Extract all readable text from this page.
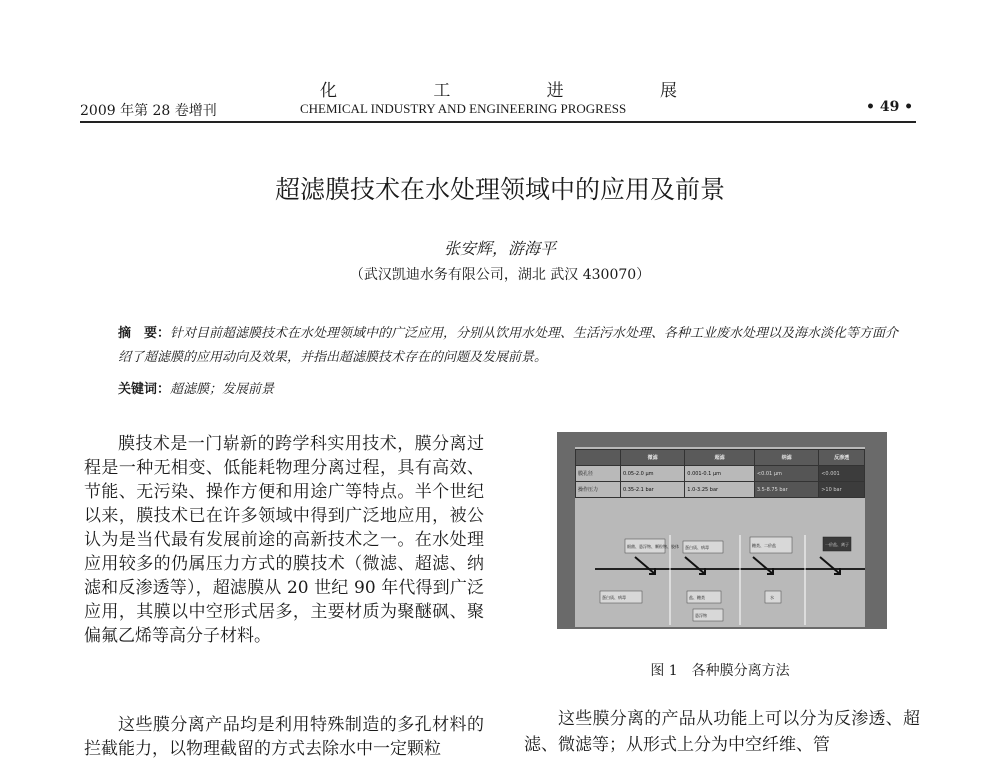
化	工	进	展
2009 年第 28 卷增刊	CHEMICAL INDUSTRY AND ENGINEERING PROGRESS	• 49 •
超滤膜技术在水处理领域中的应用及前景
张安辉，游海平
（武汉凯迪水务有限公司，湖北 武汉 430070）
摘　要：针对目前超滤膜技术在水处理领域中的广泛应用，分别从饮用水处理、生活污水处理、各种工业废水处理以及海水淡化等方面介绍了超滤膜的应用动向及效果，并指出超滤膜技术存在的问题及发展前景。
关键词：超滤膜；发展前景

膜技术是一门崭新的跨学科实用技术，膜分离过程是一种无相变、低能耗物理分离过程，具有高效、节能、无污染、操作方便和用途广等特点。半个世纪以来，膜技术已在许多领域中得到广泛地应用，被公认为是当代最有发展前途的高新技术之一。在水处理应用较多的仍属压力方式的膜技术（微滤、超滤、纳滤和反渗透等），超滤膜从 20 世纪 90 年代得到广泛应用，其膜以中空形式居多，主要材质为聚醚砜、聚偏氟乙烯等高分子材料。

这些膜分离产品均是利用特殊制造的多孔材料的拦截能力，以物理截留的方式去除水中一定颗粒

	微滤	超滤	纳滤	反渗透
膜孔径	0.05-2.0 μm	0.001-0.1 μm	<0.01 μm	<0.001
操作压力	0.35-2.1 bar	1.0-3.25 bar	3.5-8.75 bar	>10 bar
细菌、悬浮物、颗粒物、胶体 蛋白质、病毒	糖类、二价盐	一价盐、离子
蛋白质、病毒	盐、糖类	水
悬浮物
图 1　各种膜分离方法

这些膜分离的产品从功能上可以分为反渗透、超滤、微滤等；从形式上分为中空纤维、管
